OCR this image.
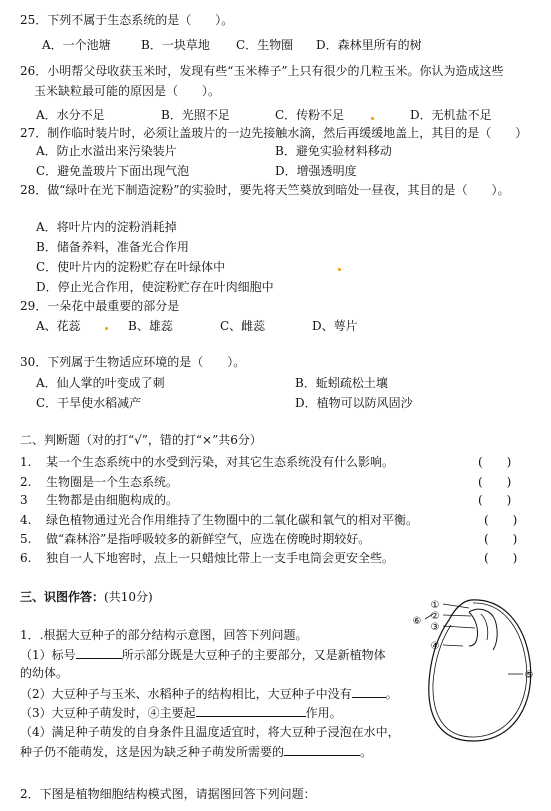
25．下列不属于生态系统的是（　　）。
A．一个池塘	B．一块草地 C．生物圈 D．森林里所有的树
26．小明帮父母收获玉米时，发现有些“玉米棒子”上只有很少的几粒玉米。你认为造成这些
玉米缺粒最可能的原因是（　　）。
A．水分不足	B．光照不足	C．传粉不足	D．无机盐不足
27．制作临时装片时，必须让盖玻片的一边先接触水滴，然后再缓缓地盖上，其目的是（　　）
A．防止水溢出来污染装片	B．避免实验材料移动
C．避免盖玻片下面出现气泡	D．增强透明度
28．做“绿叶在光下制造淀粉”的实验时，要先将天竺葵放到暗处一昼夜，其目的是（　　）。
A．将叶片内的淀粉消耗掉
B．储备养料，准备光合作用
C．使叶片内的淀粉贮存在叶绿体中
D．停止光合作用，使淀粉贮存在叶肉细胞中
29．一朵花中最重要的部分是
A、花蕊	B、雄蕊	C、雌蕊	D、萼片
30．下列属于生物适应环境的是（　　）。
A．仙人掌的叶变成了刺	B．蚯蚓疏松土壤
C．干旱使水稻减产	D．植物可以防风固沙
二、判断题（对的打“√”，错的打“×”共6分）
1. 某一个生态系统中的水受到污染，对其它生态系统没有什么影响。	(　　)
2. 生物圈是一个生态系统。	(　　)
3 生物都是由细胞构成的。	(　　)
4. 绿色植物通过光合作用维持了生物圈中的二氧化碳和氧气的相对平衡。	(　　)
5. 做“森林浴”是指呼吸较多的新鲜空气，应选在傍晚时期较好。	(　　)
6. 独自一人下地窖时，点上一只蜡烛比带上一支手电筒会更安全些。	(　　)
三、识图作答：(共10分)
1．.根据大豆种子的部分结构示意图，回答下列问题。
（1）标号	所示部分既是大豆种子的主要部分，又是新植物体
的幼体。
（2）大豆种子与玉米、水稻种子的结构相比，大豆种子中没有	。
（3）大豆种子萌发时，④主要起	作用。
（4）满足种子萌发的自身条件且温度适宜时，将大豆种子浸泡在水中，
种子仍不能萌发，这是因为缺乏种子萌发所需要的	。
2．下图是植物细胞结构模式图，请据图回答下列问题：
①
②
③
④
⑤
⑥
